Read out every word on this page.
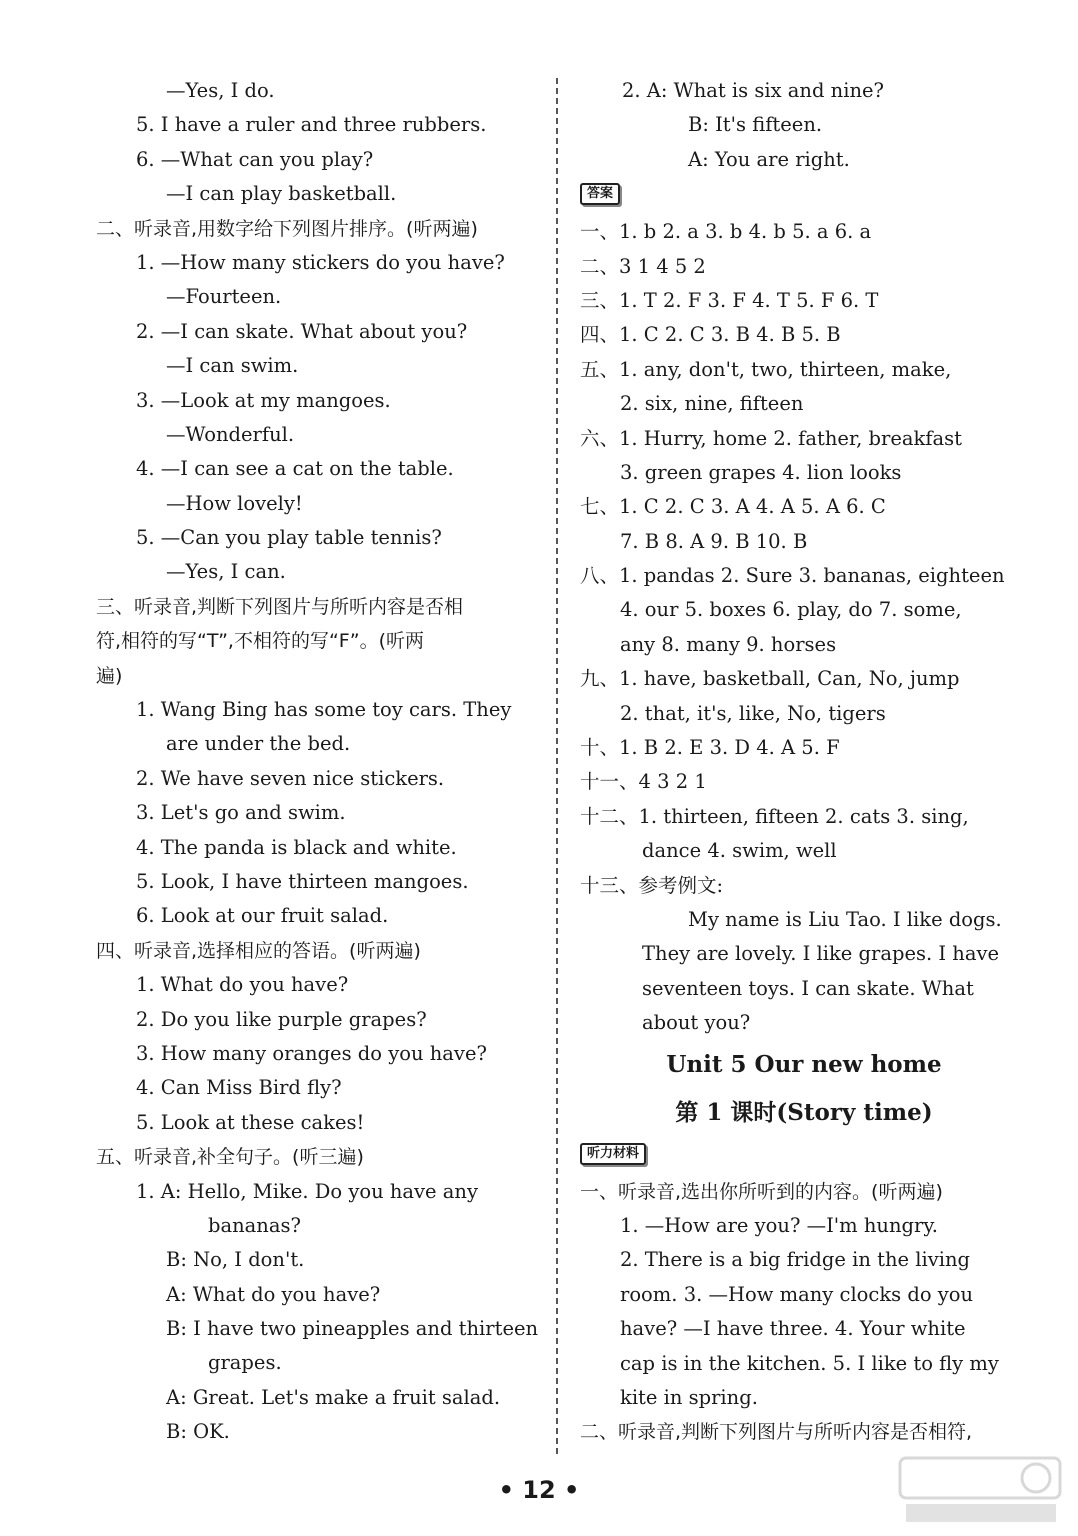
—Yes, I do.
5. I have a ruler and three rubbers.
6. —What can you play?
—I can play basketball.
二、听录音,用数字给下列图片排序。(听两遍)
1. —How many stickers do you have?
—Fourteen.
2. —I can skate. What about you?
—I can swim.
3. —Look at my mangoes.
—Wonderful.
4. —I can see a cat on the table.
—How lovely!
5. —Can you play table tennis?
—Yes, I can.
三、听录音,判断下列图片与所听内容是否相
符,相符的写“T”,不相符的写“F”。(听两
遍)
1. Wang Bing has some toy cars. They
are under the bed.
2. We have seven nice stickers.
3. Let's go and swim.
4. The panda is black and white.
5. Look, I have thirteen mangoes.
6. Look at our fruit salad.
四、听录音,选择相应的答语。(听两遍)
1. What do you have?
2. Do you like purple grapes?
3. How many oranges do you have?
4. Can Miss Bird fly?
5. Look at these cakes!
五、听录音,补全句子。(听三遍)
1. A: Hello, Mike. Do you have any
bananas?
B: No, I don't.
A: What do you have?
B: I have two pineapples and thirteen
grapes.
A: Great. Let's make a fruit salad.
B: OK.
2. A: What is six and nine?
B: It's fifteen.
A: You are right.
答案
一、1. b 2. a 3. b 4. b 5. a 6. a
二、3 1 4 5 2
三、1. T 2. F 3. F 4. T 5. F 6. T
四、1. C 2. C 3. B 4. B 5. B
五、1. any, don't, two, thirteen, make,
2. six, nine, fifteen
六、1. Hurry, home 2. father, breakfast
3. green grapes 4. lion looks
七、1. C 2. C 3. A 4. A 5. A 6. C
7. B 8. A 9. B 10. B
八、1. pandas 2. Sure 3. bananas, eighteen
4. our 5. boxes 6. play, do 7. some,
any 8. many 9. horses
九、1. have, basketball, Can, No, jump
2. that, it's, like, No, tigers
十、1. B 2. E 3. D 4. A 5. F
十一、4 3 2 1
十二、1. thirteen, fifteen 2. cats 3. sing,
dance 4. swim, well
十三、参考例文:
My name is Liu Tao. I like dogs.
They are lovely. I like grapes. I have
seventeen toys. I can skate. What
about you?
Unit 5 Our new home
第 1 课时(Story time)
听力材料
一、听录音,选出你所听到的内容。(听两遍)
1. —How are you? —I'm hungry.
2. There is a big fridge in the living
room. 3. —How many clocks do you
have? —I have three. 4. Your white
cap is in the kitchen. 5. I like to fly my
kite in spring.
二、听录音,判断下列图片与所听内容是否相符,
• 12 •
